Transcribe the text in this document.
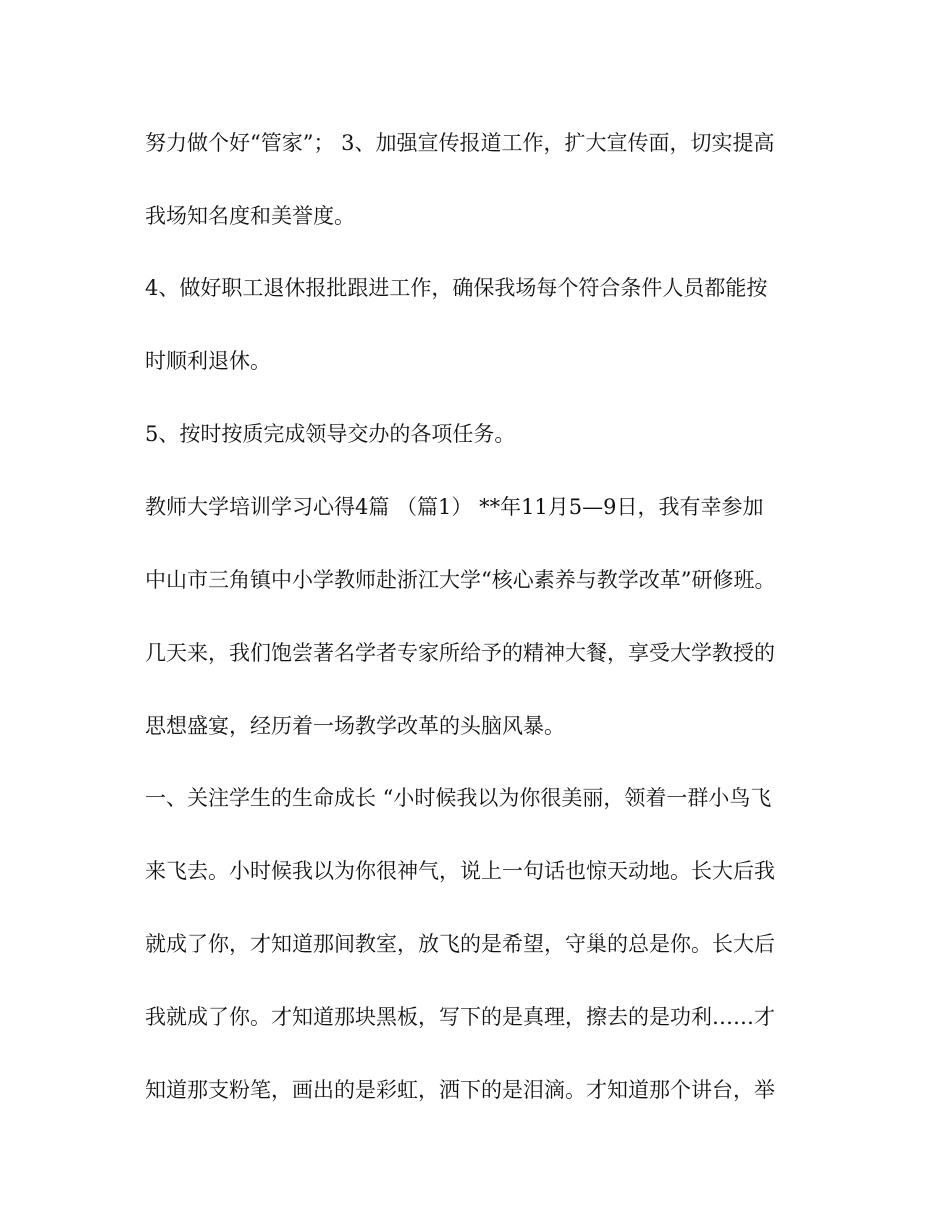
努力做个好“管家”； 3、加强宣传报道工作，扩大宣传面，切实提高
我场知名度和美誉度。
4、做好职工退休报批跟进工作，确保我场每个符合条件人员都能按
时顺利退休。
5、按时按质完成领导交办的各项任务。
教师大学培训学习心得4篇 （篇1） **年11月5—9日，我有幸参加
中山市三角镇中小学教师赴浙江大学“核心素养与教学改革”研修班。
几天来，我们饱尝著名学者专家所给予的精神大餐，享受大学教授的
思想盛宴，经历着一场教学改革的头脑风暴。
一、关注学生的生命成长 “小时候我以为你很美丽，领着一群小鸟飞
来飞去。小时候我以为你很神气，说上一句话也惊天动地。长大后我
就成了你，才知道那间教室，放飞的是希望，守巢的总是你。长大后
我就成了你。才知道那块黑板，写下的是真理，擦去的是功利……才
知道那支粉笔，画出的是彩虹，洒下的是泪滴。才知道那个讲台，举
